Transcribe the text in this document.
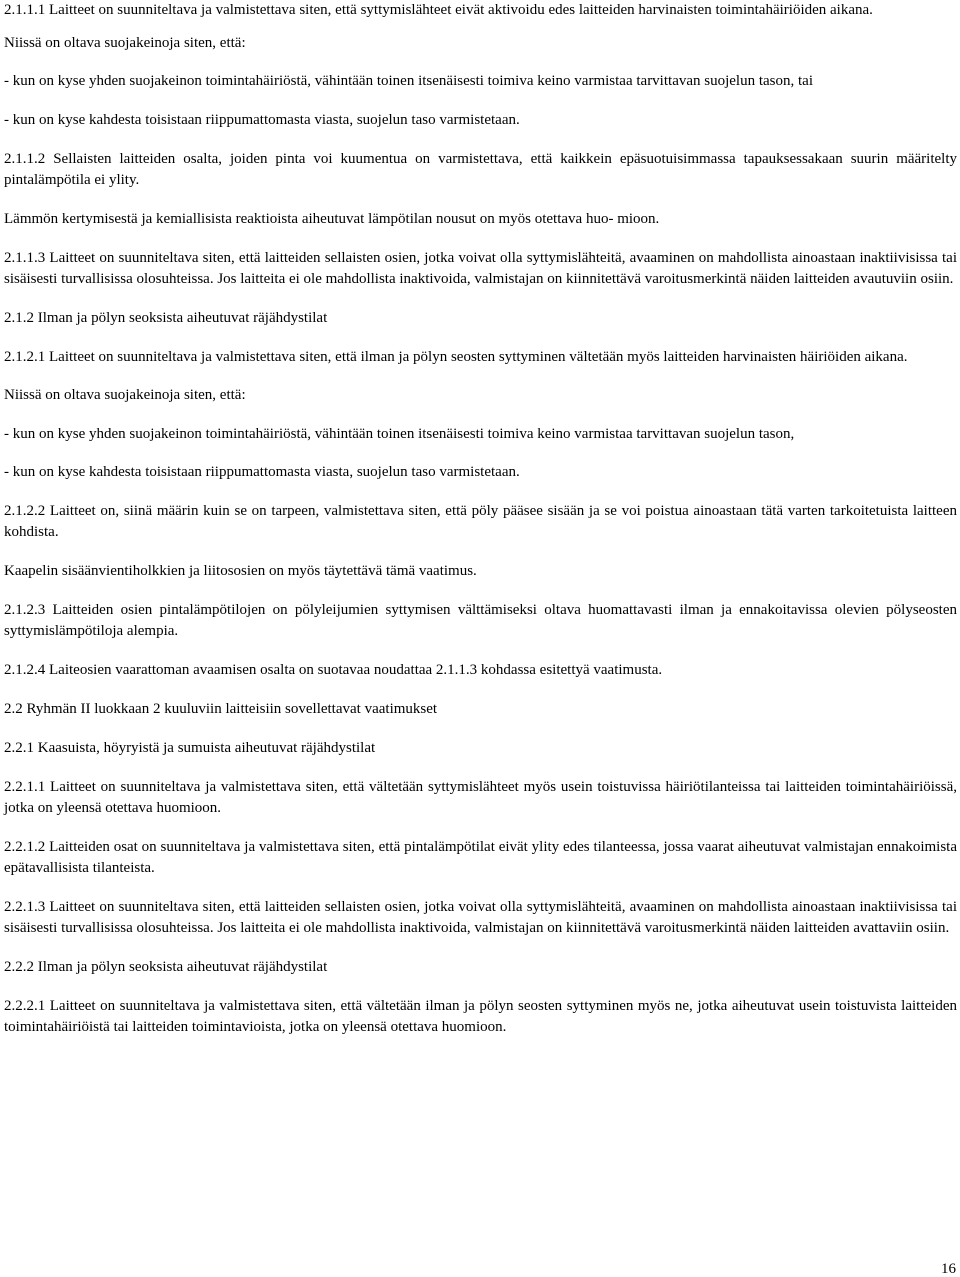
2.1.1.1 Laitteet on suunniteltava ja valmistettava siten, että syttymislähteet eivät aktivoidu edes laitteiden harvinaisten toimintahäiriöiden aikana.

Niissä on oltava suojakeinoja siten, että:

- kun on kyse yhden suojakeinon toimintahäiriöstä, vähintään toinen itsenäisesti toimiva keino varmistaa tarvittavan suojelun tason, tai

- kun on kyse kahdesta toisistaan riippumattomasta viasta, suojelun taso varmistetaan.

2.1.1.2 Sellaisten laitteiden osalta, joiden pinta voi kuumentua on varmistettava, että kaikkein epäsuotuisimmassa tapauksessakaan suurin määritelty pintalämpötila ei ylity.

Lämmön kertymisestä ja kemiallisista reaktioista aiheutuvat lämpötilan nousut on myös otettava huo- mioon.

2.1.1.3 Laitteet on suunniteltava siten, että laitteiden sellaisten osien, jotka voivat olla syttymislähteitä, avaaminen on mahdollista ainoastaan inaktiivisissa tai sisäisesti turvallisissa olosuhteissa. Jos laitteita ei ole mahdollista inaktivoida, valmistajan on kiinnitettävä varoitusmerkintä näiden laitteiden avautuviin osiin.

2.1.2 Ilman ja pölyn seoksista aiheutuvat räjähdystilat

2.1.2.1 Laitteet on suunniteltava ja valmistettava siten, että ilman ja pölyn seosten syttyminen vältetään myös laitteiden harvinaisten häiriöiden aikana.

Niissä on oltava suojakeinoja siten, että:

- kun on kyse yhden suojakeinon toimintahäiriöstä, vähintään toinen itsenäisesti toimiva keino varmistaa tarvittavan suojelun tason,

- kun on kyse kahdesta toisistaan riippumattomasta viasta, suojelun taso varmistetaan.

2.1.2.2 Laitteet on, siinä määrin kuin se on tarpeen, valmistettava siten, että pöly pääsee sisään ja se voi poistua ainoastaan tätä varten tarkoitetuista laitteen kohdista.

Kaapelin sisäänvientiholkkien ja liitososien on myös täytettävä tämä vaatimus.

2.1.2.3 Laitteiden osien pintalämpötilojen on pölyleijumien syttymisen välttämiseksi oltava huomattavasti ilman ja ennakoitavissa olevien pölyseosten syttymislämpötiloja alempia.

2.1.2.4 Laiteosien vaarattoman avaamisen osalta on suotavaa noudattaa 2.1.1.3 kohdassa esitettyä vaatimusta.

2.2 Ryhmän II luokkaan 2 kuuluviin laitteisiin sovellettavat vaatimukset

2.2.1 Kaasuista, höyryistä ja sumuista aiheutuvat räjähdystilat

2.2.1.1 Laitteet on suunniteltava ja valmistettava siten, että vältetään syttymislähteet myös usein toistuvissa häiriötilanteissa tai laitteiden toimintahäiriöissä, jotka on yleensä otettava huomioon.

2.2.1.2 Laitteiden osat on suunniteltava ja valmistettava siten, että pintalämpötilat eivät ylity edes tilanteessa, jossa vaarat aiheutuvat valmistajan ennakoimista epätavallisista tilanteista.

2.2.1.3 Laitteet on suunniteltava siten, että laitteiden sellaisten osien, jotka voivat olla syttymislähteitä, avaaminen on mahdollista ainoastaan inaktiivisissa tai sisäisesti turvallisissa olosuhteissa. Jos laitteita ei ole mahdollista inaktivoida, valmistajan on kiinnitettävä varoitusmerkintä näiden laitteiden avattaviin osiin.

2.2.2 Ilman ja pölyn seoksista aiheutuvat räjähdystilat

2.2.2.1 Laitteet on suunniteltava ja valmistettava siten, että vältetään ilman ja pölyn seosten syttyminen myös ne, jotka aiheutuvat usein toistuvista laitteiden toimintahäiriöistä tai laitteiden toimintavioista, jotka on yleensä otettava huomioon.

16
